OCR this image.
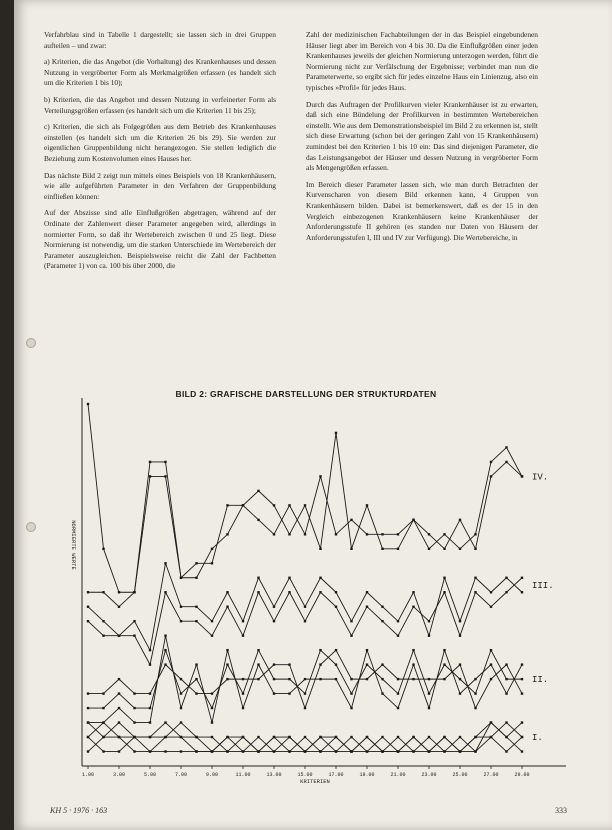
Verfahrblau sind in Tabelle 1 dargestellt; sie lassen sich in drei Gruppen aufteilen – und zwar:

a) Kriterien, die das Angebot (die Vorhaltung) des Krankenhauses und dessen Nutzung in vergröberter Form als Merkmalgrößen erfassen (es handelt sich um die Kriterien 1 bis 10);

b) Kriterien, die das Angebot und dessen Nutzung in verfeinerter Form als Verteilungsgrößen erfassen (es handelt sich um die Kriterien 11 bis 25);

c) Kriterien, die sich als Folgegrößen aus dem Betrieb des Krankenhauses einstellen (es handelt sich um die Kriterien 26 bis 29). Sie werden zur eigentlichen Gruppenbildung nicht herangezogen. Sie stellen lediglich die Beziehung zum Kostenvolumen eines Hauses her.

Das nächste Bild 2 zeigt nun mittels eines Beispiels von 18 Krankenhäusern, wie alle aufgeführten Parameter in den Verfahren der Gruppenbildung einfließen können:

Auf der Abszisse sind alle Einflußgrößen abgetragen, während auf der Ordinate der Zahlenwert dieser Parameter angegeben wird, allerdings in normierter Form, so daß ihr Wertebereich zwischen 0 und 25 liegt. Diese Normierung ist notwendig, um die starken Unterschiede im Wertebereich der Parameter auszugleichen. Beispielsweise reicht die Zahl der Fachbetten (Parameter 1) von ca. 100 bis über 2000, die

Zahl der medizinischen Fachabteilungen der in das Beispiel eingebundenen Häuser liegt aber im Bereich von 4 bis 30. Da die Einflußgrößen einer jeden Krankenhauses jeweils der gleichen Normierung unterzogen werden, führt die Normierung nicht zur Verfälschung der Ergebnisse; verbindet man nun die Parameterwerte, so ergibt sich für jedes einzelne Haus ein Linienzug, also ein typisches »Profil« für jedes Haus.

Durch das Auftragen der Profilkurven vieler Krankenhäuser ist zu erwarten, daß sich eine Bündelung der Profilkurven in bestimmten Wertebereichen einstellt. Wie aus dem Demonstrationsbeispiel im Bild 2 zu erkennen ist, stellt sich diese Erwartung (schon bei der geringen Zahl von 15 Krankenhäusern) zumindest bei den Kriterien 1 bis 10 ein: Das sind diejenigen Parameter, die das Leistungsangebot der Häuser und dessen Nutzung in vergröberter Form als Mengengrößen erfassen.

Im Bereich dieser Parameter lassen sich, wie man durch Betrachten der Kurvenscharen von diesem Bild erkennen kann, 4 Gruppen von Krankenhäusern bilden. Dabei ist bemerkenswert, daß es der 15 in den Vergleich einbezogenen Krankenhäusern keine Krankenhäuser der Anforderungsstufe II gehören (es standen nur Daten von Häusern der Anforderungsstufen I, III und IV zur Verfügung). Die Wertebereiche, in

BILD 2: GRAFISCHE DARSTELLUNG DER STRUKTURDATEN
1.00	3.00	5.00	7.00	9.00	11.00	13.00	15.00	17.00	19.00	21.00	23.00	25.00	27.00	29.00
KRITERIEN
NORMIERTE WERTE
IV.
III.
II.
I.
KH 5 · 1976 · 163	333
